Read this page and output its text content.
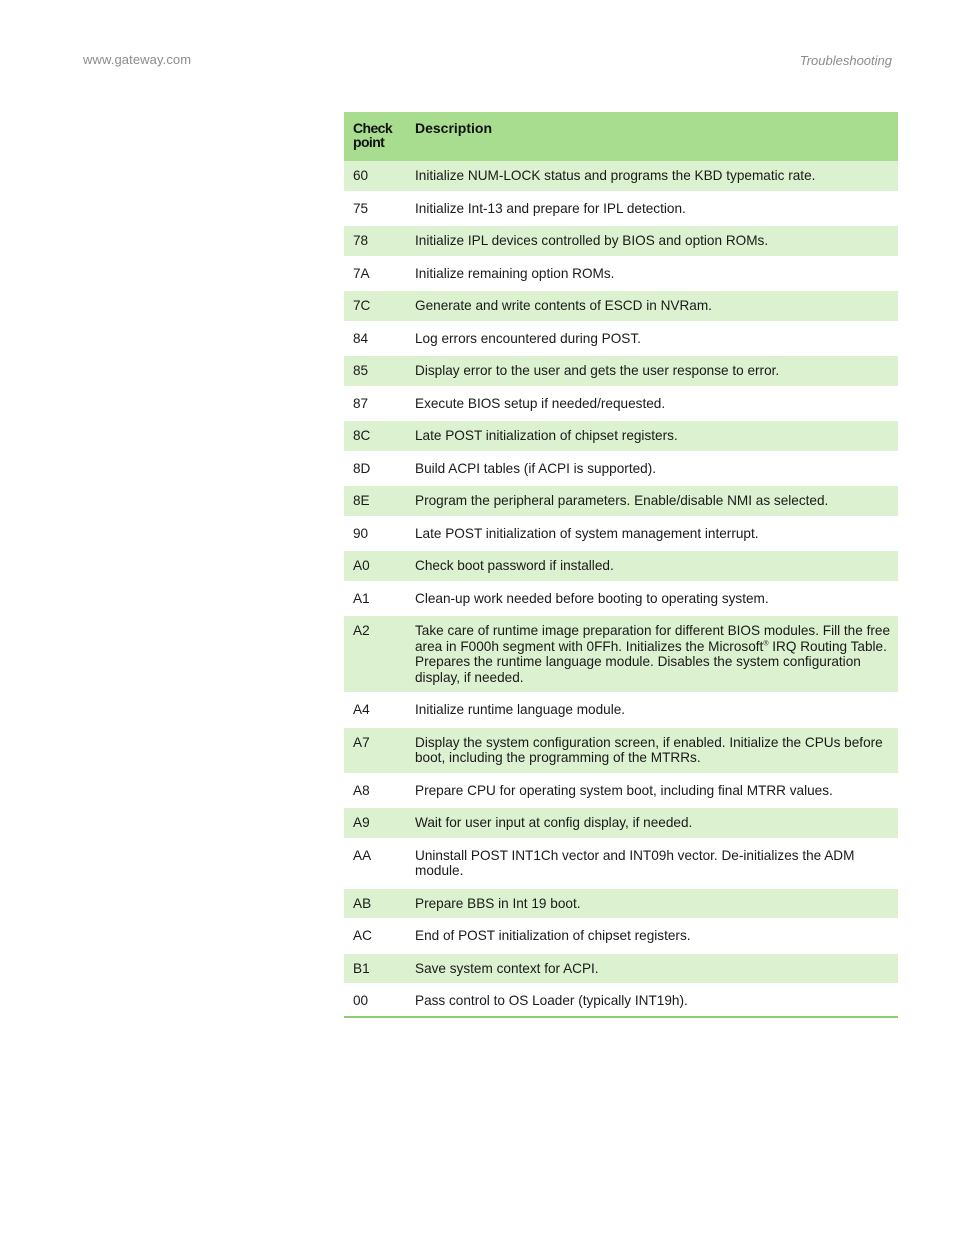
www.gateway.com	Troubleshooting
Check point	Description
60	Initialize NUM-LOCK status and programs the KBD typematic rate.
75	Initialize Int-13 and prepare for IPL detection.
78	Initialize IPL devices controlled by BIOS and option ROMs.
7A	Initialize remaining option ROMs.
7C	Generate and write contents of ESCD in NVRam.
84	Log errors encountered during POST.
85	Display error to the user and gets the user response to error.
87	Execute BIOS setup if needed/requested.
8C	Late POST initialization of chipset registers.
8D	Build ACPI tables (if ACPI is supported).
8E	Program the peripheral parameters. Enable/disable NMI as selected.
90	Late POST initialization of system management interrupt.
A0	Check boot password if installed.
A1	Clean-up work needed before booting to operating system.
A2	Take care of runtime image preparation for different BIOS modules. Fill the free area in F000h segment with 0FFh. Initializes the Microsoft® IRQ Routing Table. Prepares the runtime language module. Disables the system configuration display, if needed.
A4	Initialize runtime language module.
A7	Display the system configuration screen, if enabled. Initialize the CPUs before boot, including the programming of the MTRRs.
A8	Prepare CPU for operating system boot, including final MTRR values.
A9	Wait for user input at config display, if needed.
AA	Uninstall POST INT1Ch vector and INT09h vector. De-initializes the ADM module.
AB	Prepare BBS in Int 19 boot.
AC	End of POST initialization of chipset registers.
B1	Save system context for ACPI.
00	Pass control to OS Loader (typically INT19h).
